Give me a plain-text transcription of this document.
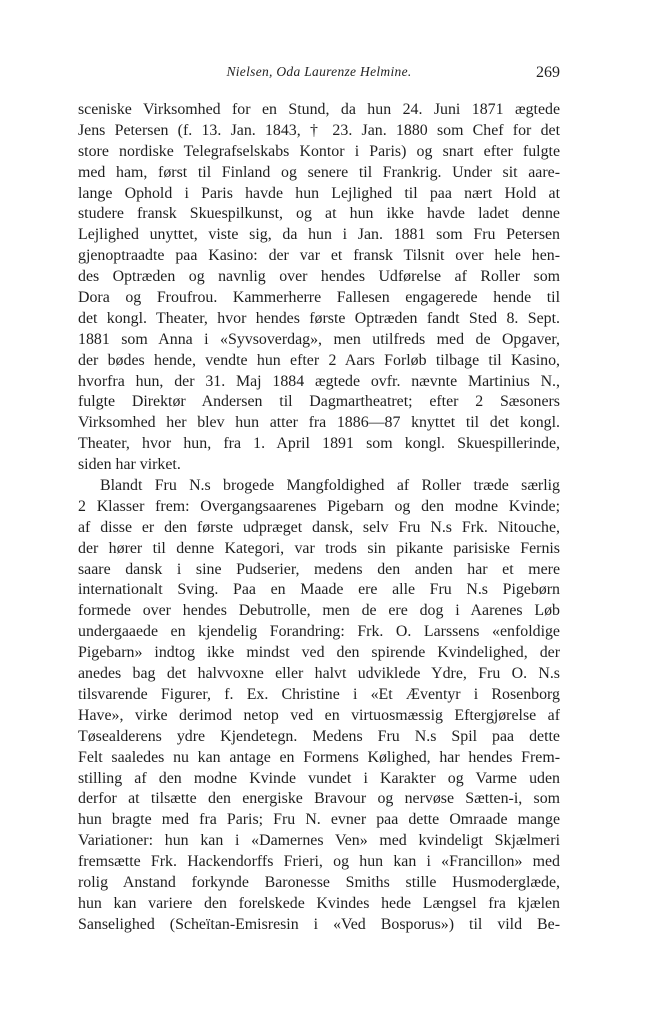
Nielsen, Oda Laurenze Helmine.	269
sceniske Virksomhed for en Stund, da hun 24. Juni 1871 ægtede
Jens Petersen (f. 13. Jan. 1843, † 23. Jan. 1880 som Chef for det
store nordiske Telegrafselskabs Kontor i Paris) og snart efter fulgte
med ham, først til Finland og senere til Frankrig. Under sit aare-
lange Ophold i Paris havde hun Lejlighed til paa nært Hold at
studere fransk Skuespilkunst, og at hun ikke havde ladet denne
Lejlighed unyttet, viste sig, da hun i Jan. 1881 som Fru Petersen
gjenoptraadte paa Kasino: der var et fransk Tilsnit over hele hen-
des Optræden og navnlig over hendes Udførelse af Roller som
Dora og Froufrou. Kammerherre Fallesen engagerede hende til
det kongl. Theater, hvor hendes første Optræden fandt Sted 8. Sept.
1881 som Anna i «Syvsoverdag», men utilfreds med de Opgaver,
der bødes hende, vendte hun efter 2 Aars Forløb tilbage til Kasino,
hvorfra hun, der 31. Maj 1884 ægtede ovfr. nævnte Martinius N.,
fulgte Direktør Andersen til Dagmartheatret; efter 2 Sæsoners
Virksomhed her blev hun atter fra 1886—87 knyttet til det kongl.
Theater, hvor hun, fra 1. April 1891 som kongl. Skuespillerinde,
siden har virket.
Blandt Fru N.s brogede Mangfoldighed af Roller træde særlig
2 Klasser frem: Overgangsaarenes Pigebarn og den modne Kvinde;
af disse er den første udpræget dansk, selv Fru N.s Frk. Nitouche,
der hører til denne Kategori, var trods sin pikante parisiske Fernis
saare dansk i sine Pudserier, medens den anden har et mere
internationalt Sving. Paa en Maade ere alle Fru N.s Pigebørn
formede over hendes Debutrolle, men de ere dog i Aarenes Løb
undergaaede en kjendelig Forandring: Frk. O. Larssens «enfoldige
Pigebarn» indtog ikke mindst ved den spirende Kvindelighed, der
anedes bag det halvvoxne eller halvt udviklede Ydre, Fru O. N.s
tilsvarende Figurer, f. Ex. Christine i «Et Æventyr i Rosenborg
Have», virke derimod netop ved en virtuosmæssig Eftergjørelse af
Tøsealderens ydre Kjendetegn. Medens Fru N.s Spil paa dette
Felt saaledes nu kan antage en Formens Kølighed, har hendes Frem-
stilling af den modne Kvinde vundet i Karakter og Varme uden
derfor at tilsætte den energiske Bravour og nervøse Sætten-i, som
hun bragte med fra Paris; Fru N. evner paa dette Omraade mange
Variationer: hun kan i «Damernes Ven» med kvindeligt Skjælmeri
fremsætte Frk. Hackendorffs Frieri, og hun kan i «Francillon» med
rolig Anstand forkynde Baronesse Smiths stille Husmoderglæde,
hun kan variere den forelskede Kvindes hede Længsel fra kjælen
Sanselighed (Scheïtan-Emisresin i «Ved Bosporus») til vild Be-
